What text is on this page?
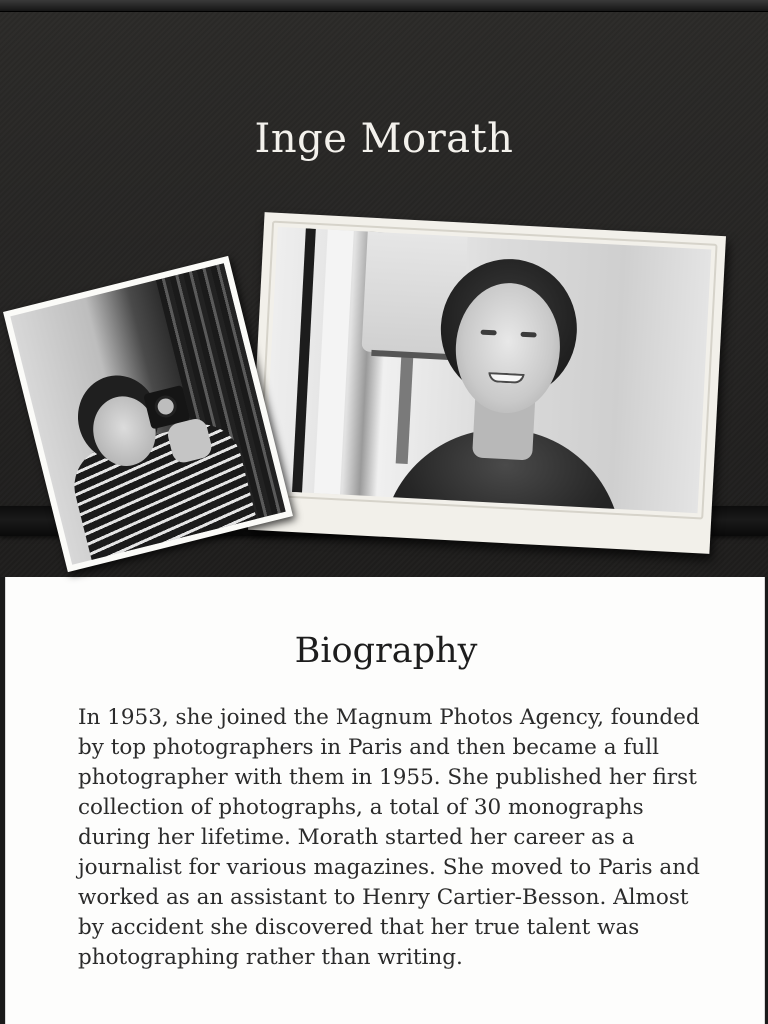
Inge Morath
Biography
In 1953, she joined the Magnum Photos Agency, founded by top photographers in Paris and then became a full photographer with them in 1955. She published her first collection of photographs, a total of 30 monographs during her lifetime. Morath started her career as a journalist for various magazines. She moved to Paris and worked as an assistant to Henry Cartier-Besson. Almost by accident she discovered that her true talent was photographing rather than writing.
